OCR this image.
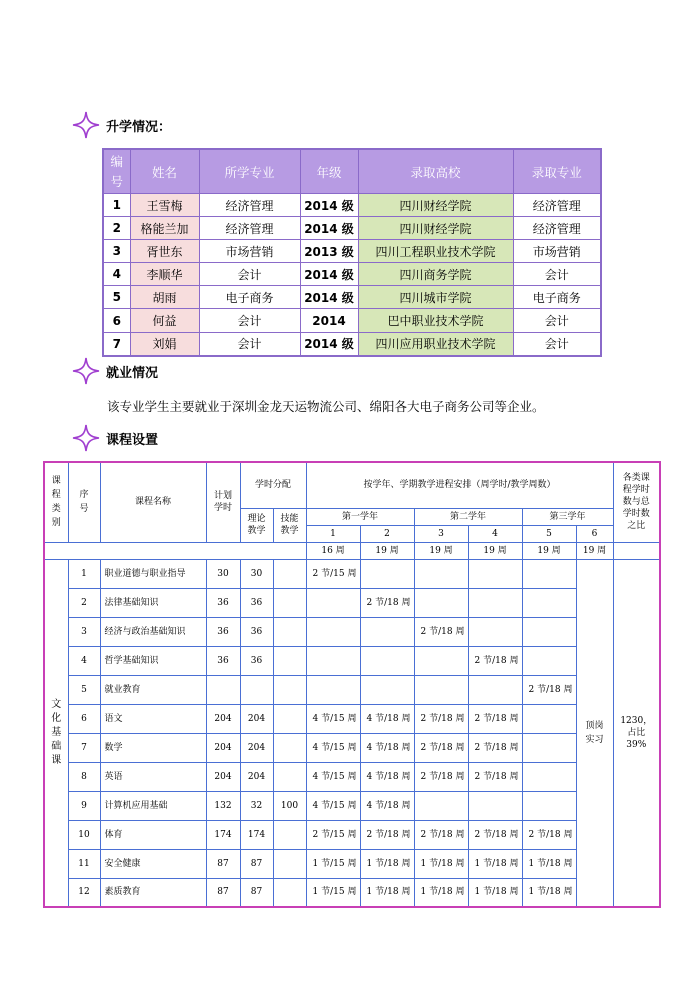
升学情况：
编号	姓名	所学专业	年级	录取高校	录取专业
1	王雪梅	经济管理	2014 级	四川财经学院	经济管理
2	格能兰加	经济管理	2014 级	四川财经学院	经济管理
3	胥世东	市场营销	2013 级	四川工程职业技术学院	市场营销
4	李顺华	会计	2014 级	四川商务学院	会计
5	胡雨	电子商务	2014 级	四川城市学院	电子商务
6	何益	会计	2014	巴中职业技术学院	会计
7	刘娟	会计	2014 级	四川应用职业技术学院	会计
就业情况
该专业学生主要就业于深圳金龙天运物流公司、绵阳各大电子商务公司等企业。
课程设置
课程类别	序号	课程名称	计划学时	学时分配		按学年、学期教学进程安排（周学时/教学周数）						各类课程学时数与总学时数之比
				理论教学	技能教学	第一学年		第二学年		第三学年		
						1	2	3	4	5	6	
						16 周	19 周	19 周	19 周	19 周	19 周	
文化基础课	1	职业道德与职业指导	30	30		2 节/15 周					顶岗实习	1230，占比 39%
	2	法律基础知识	36	36			2 节/18 周					
	3	经济与政治基础知识	36	36				2 节/18 周				
	4	哲学基础知识	36	36					2 节/18 周			
	5	就业教育								2 节/18 周		
	6	语文	204	204		4 节/15 周	4 节/18 周	2 节/18 周	2 节/18 周			
	7	数学	204	204		4 节/15 周	4 节/18 周	2 节/18 周	2 节/18 周			
	8	英语	204	204		4 节/15 周	4 节/18 周	2 节/18 周	2 节/18 周			
	9	计算机应用基础	132	32	100	4 节/15 周	4 节/18 周					
	10	体育	174	174		2 节/15 周	2 节/18 周	2 节/18 周	2 节/18 周	2 节/18 周		
	11	安全健康	87	87		1 节/15 周	1 节/18 周	1 节/18 周	1 节/18 周	1 节/18 周		
	12	素质教育	87	87		1 节/15 周	1 节/18 周	1 节/18 周	1 节/18 周	1 节/18 周		
